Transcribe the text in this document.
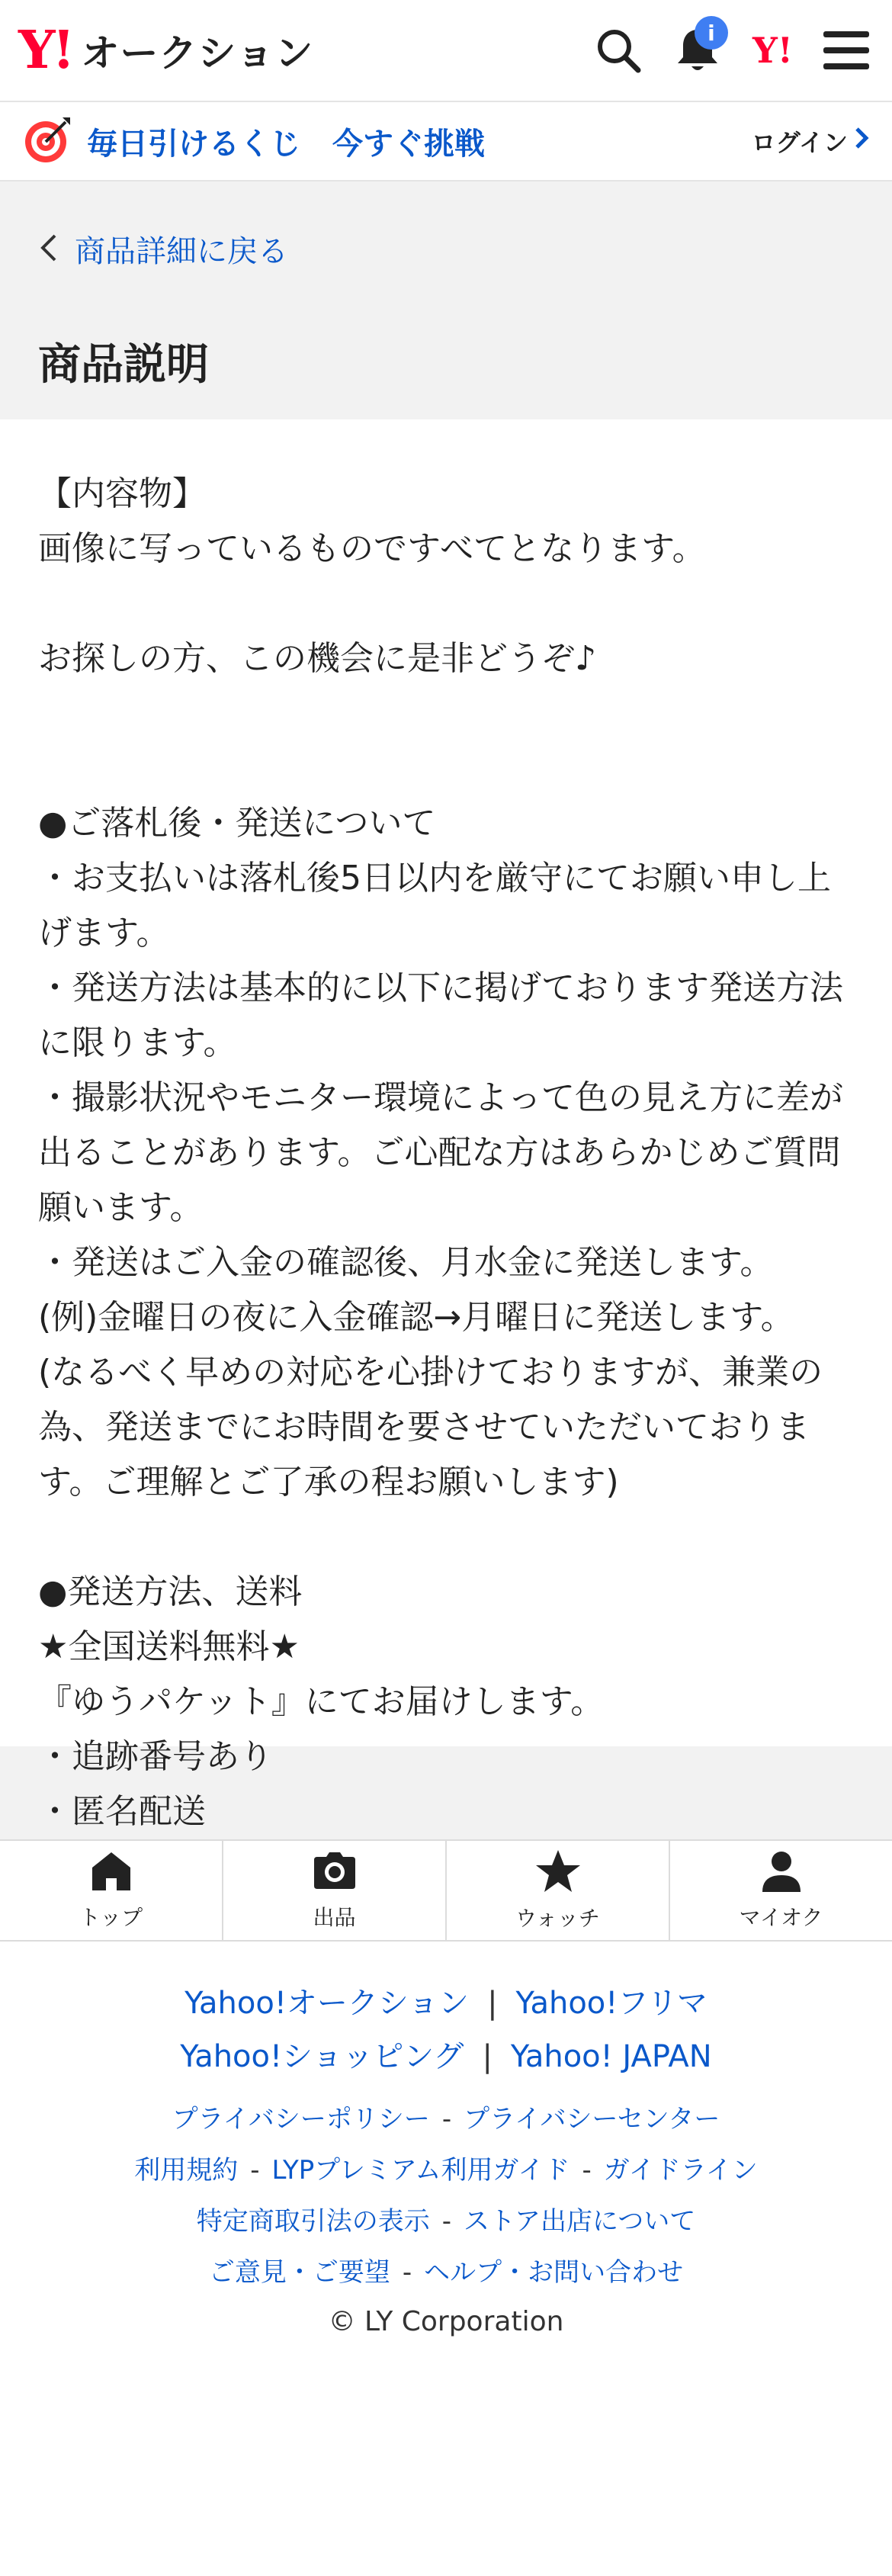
Y! オークション	i	Y!
毎日引けるくじ 今すぐ挑戦	ログイン
商品詳細に戻る
商品説明
【内容物】
画像に写っているものですべてとなります。

お探しの方、この機会に是非どうぞ♪

●ご落札後・発送について
・お支払いは落札後5日以内を厳守にてお願い申し上げます。
・発送方法は基本的に以下に掲げております発送方法に限ります。
・撮影状況やモニター環境によって色の見え方に差が出ることがあります。ご心配な方はあらかじめご質問願います。
・発送はご入金の確認後、月水金に発送します。
(例)金曜日の夜に入金確認→月曜日に発送します。
(なるべく早めの対応を心掛けておりますが、兼業の為、発送までにお時間を要させていただいております。ご理解とご了承の程お願いします)

●発送方法、送料
★全国送料無料★
『ゆうパケット』にてお届けします。
・追跡番号あり
・匿名配送
トップ	出品	ウォッチ	マイオク
Yahoo!オークション | Yahoo!フリマ
Yahoo!ショッピング | Yahoo! JAPAN
プライバシーポリシー - プライバシーセンター
利用規約 - LYPプレミアム利用ガイド - ガイドライン
特定商取引法の表示 - ストア出店について
ご意見・ご要望 - ヘルプ・お問い合わせ
© LY Corporation
